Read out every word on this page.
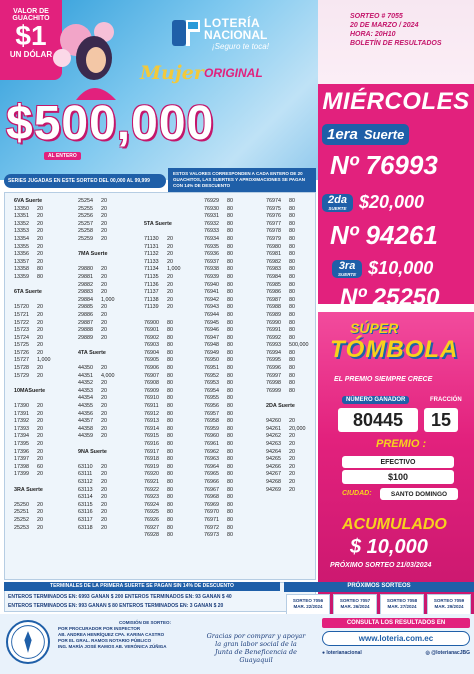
VALOR DE GUACHITO
$1
UN DÓLAR
LOTERÍA
NACIONAL
¡Seguro te toca!
Mujer ORIGINAL
$500,000
AL ENTERO
SORTEO # 7055
20 DE MARZO / 2024
HORA: 20H10
BOLETÍN DE RESULTADOS
SERIES JUGADAS EN ESTE SORTEO DEL 00,000 AL 99,999
ESTOS VALORES CORRESPONDEN A CADA ENTERO DE 20 GUACHITOS, LAS SUERTES Y APROXIMACIONES SE PAGAN CON 14% DE DESCUENTO
6VA Suerte
13350	20
13351	20
13352	20
13353	20
13354	20
13355	20
13356	20
13357	20
13358	80
13359	80

6TA Suerte

15720	20
15721	20
15722	20
15723	20
15724	20
15725	20
15726	20
15727	1,000
15728	20
15729	20

10MASuerte

17390	20
17391	20
17392	20
17393	20
17394	20
17395	20
17396	20
17397	20
17398	60
17399	20

3RA Suerte

25250	20
25251	20
25252	20
25253	20
25254	20
25255	20
25256	20
25257	20
25258	20
25259	20

7MA Suerte

29880	20
29881	20
29882	20
29883	20
29884	1,000
29885	20
29886	20
29887	20
29888	20
29889	20

4TA Suerte

44350	20
44351	4,000
44352	20
44353	20
44354	20
44355	20
44356	20
44357	20
44358	20
44359	20

9NA Suerte

63110	20
63111	20
63112	20
63113	20
63114	20
63115	20
63116	20
63117	20
63118	20

5TA Suerte

71130	20
71131	20
71132	20
71133	20
71134	1,000
71135	20
71136	20
71137	20
71138	20
71139	20

76900	80
76901	80
76902	80
76903	80
76904	80
76905	80
76906	80
76907	80
76908	80
76909	80
76910	80
76911	80
76912	80
76913	80
76914	80
76915	80
76916	80
76917	80
76918	80
76919	80
76920	80
76921	80
76922	80
76923	80
76924	80
76925	80
76926	80
76927	80
76928	80
76929	80
76930	80
76931	80
76932	80
76933	80
76934	80
76935	80
76936	80
76937	80
76938	80
76939	80
76940	80
76941	80
76942	80
76943	80
76944	80
76945	80
76946	80
76947	80
76948	80
76949	80
76950	80
76951	80
76952	80
76953	80
76954	80
76955	80
76956	80
76957	80
76958	80
76959	80
76960	80
76961	80
76962	80
76963	80
76964	80
76965	80
76966	80
76967	80
76968	80
76969	80
76970	80
76971	80
76972	80
76973	80
76974	80
76975	80
76976	80
76977	80
76978	80
76979	80
76980	80
76981	80
76982	80
76983	80
76984	80
76985	80
76986	80
76987	80
76988	80
76989	80
76990	80
76991	80
76992	80
76993	500,000
76994	80
76995	80
76996	80
76997	80
76998	80
76999	80

2DA Suerte

94260	20
94261	20,000
94262	20
94263	20
94264	20
94265	20
94266	20
94267	20
94268	20
94269	20
MIÉRCOLES
1era Suerte
Nº 76993
2da
SUERTE $20,000
Nº 94261
3ra
SUERTE $10,000
Nº 25250
SÚPER
TÓMBOLA
EL PREMIO SIEMPRE CRECE
NÚMERO GANADOR	FRACCIÓN
80445	15
PREMIO :
EFECTIVO
$100
CIUDAD:	SANTO DOMINGO
ACUMULADO
$ 10,000
PRÓXIMO SORTEO 21/03/2024
TERMINALES DE LA PRIMERA SUERTE SE PAGAN SIN 14% DE DESCUENTO
ENTEROS TERMINADOS EN: 6993 GANAN $ 200 ENTEROS TERMINADOS EN: 93 GANAN $ 40
ENTEROS TERMINADOS EN: 993 GANAN $ 80 ENTEROS TERMINADOS EN: 3 GANAN $ 20
PRÓXIMOS SORTEOS
SORTEO 7056
MAR. 22/2024
SORTEO 7057
MAR. 26/2024
SORTEO 7058
MAR. 27/2024
SORTEO 7059
MAR. 29/2024
COMISIÓN DE SORTEO:
POR PROCURADOR POR INSPECTOR
AB. ANDREA HENRÍQUEZ CPA. KARINA CASTRO
POR EL GRAL. RAMOS NOTARIO PÚBLICO
ING. MARÍA JOSÉ RAMOS AB. VERÓNICA ZÚÑIGA
Gracias por comprar y apoyar la gran labor social de la Junta de Beneficencia de Guayaquil
CONSULTA LOS RESULTADOS EN
www.loteria.com.ec
● loterianacional	◎ @loterianacJBG
